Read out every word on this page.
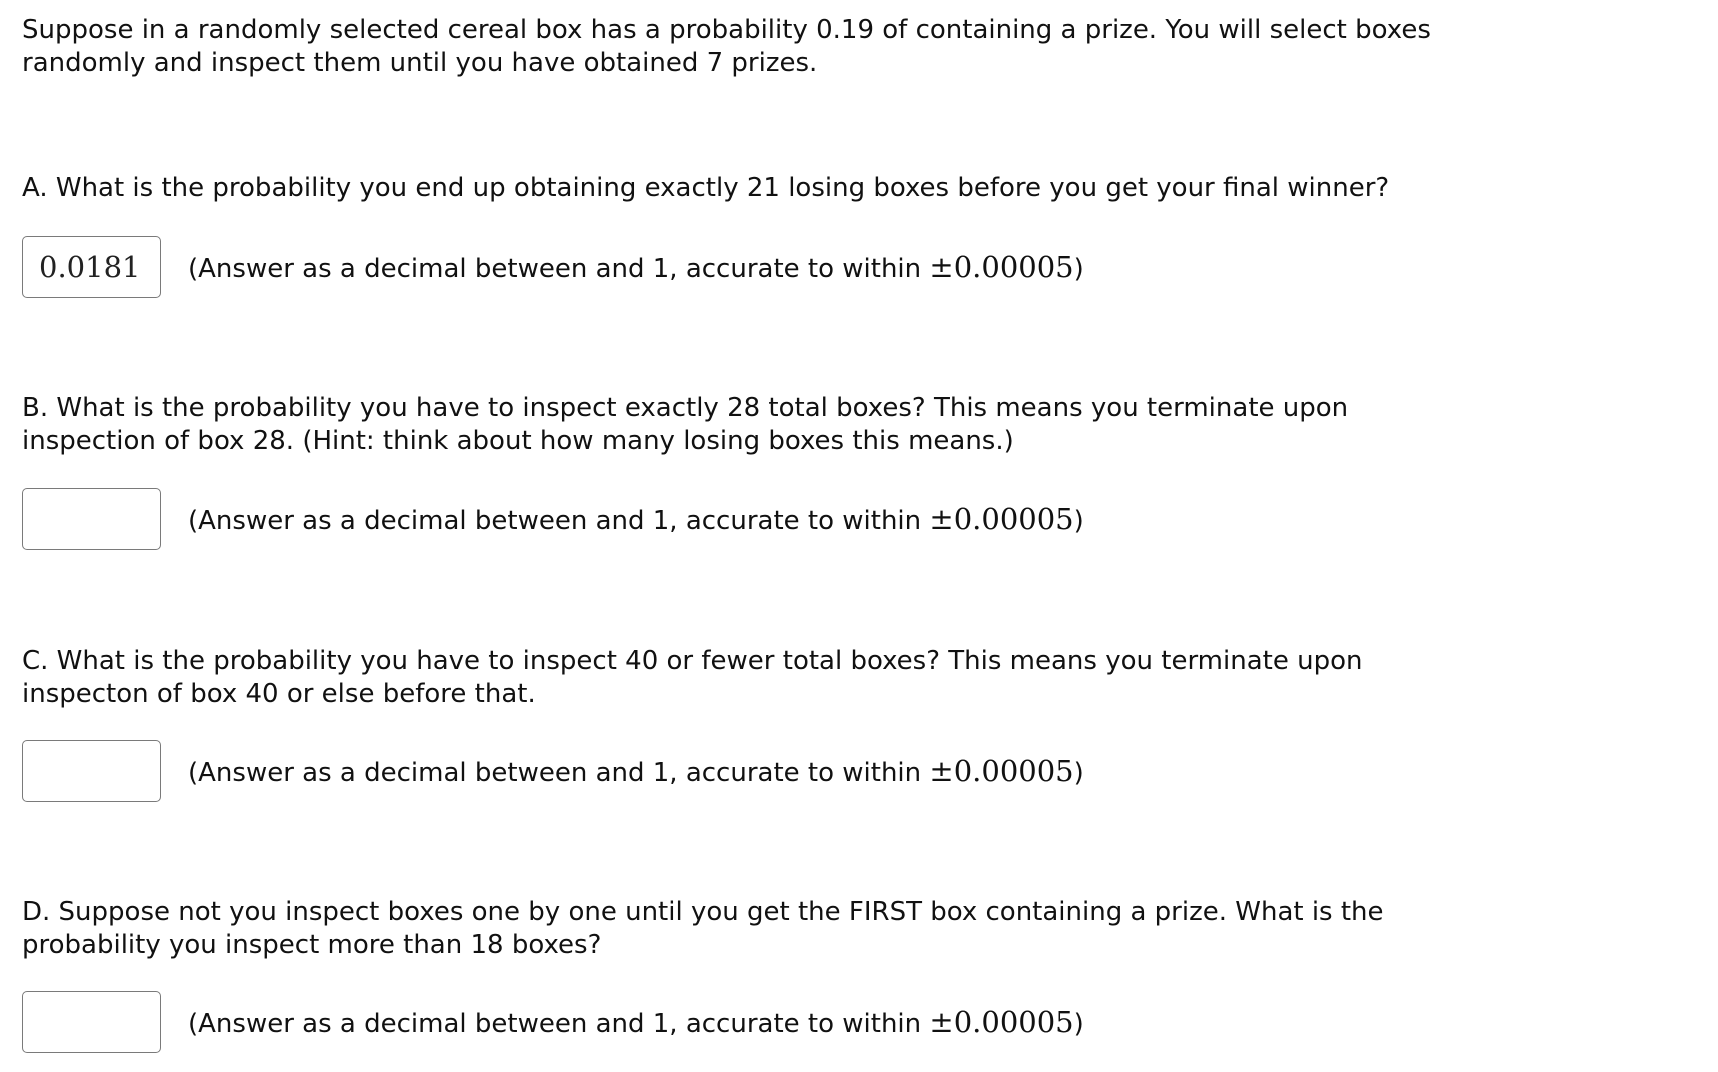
Suppose in a randomly selected cereal box has a probability 0.19 of containing a prize. You will select boxes
randomly and inspect them until you have obtained 7 prizes.

A. What is the probability you end up obtaining exactly 21 losing boxes before you get your final winner?

0.0181
(Answer as a decimal between and 1, accurate to within ±0.00005)

B. What is the probability you have to inspect exactly 28 total boxes? This means you terminate upon
inspection of box 28. (Hint: think about how many losing boxes this means.)

(Answer as a decimal between and 1, accurate to within ±0.00005)

C. What is the probability you have to inspect 40 or fewer total boxes? This means you terminate upon
inspecton of box 40 or else before that.

(Answer as a decimal between and 1, accurate to within ±0.00005)

D. Suppose not you inspect boxes one by one until you get the FIRST box containing a prize. What is the
probability you inspect more than 18 boxes?

(Answer as a decimal between and 1, accurate to within ±0.00005)
